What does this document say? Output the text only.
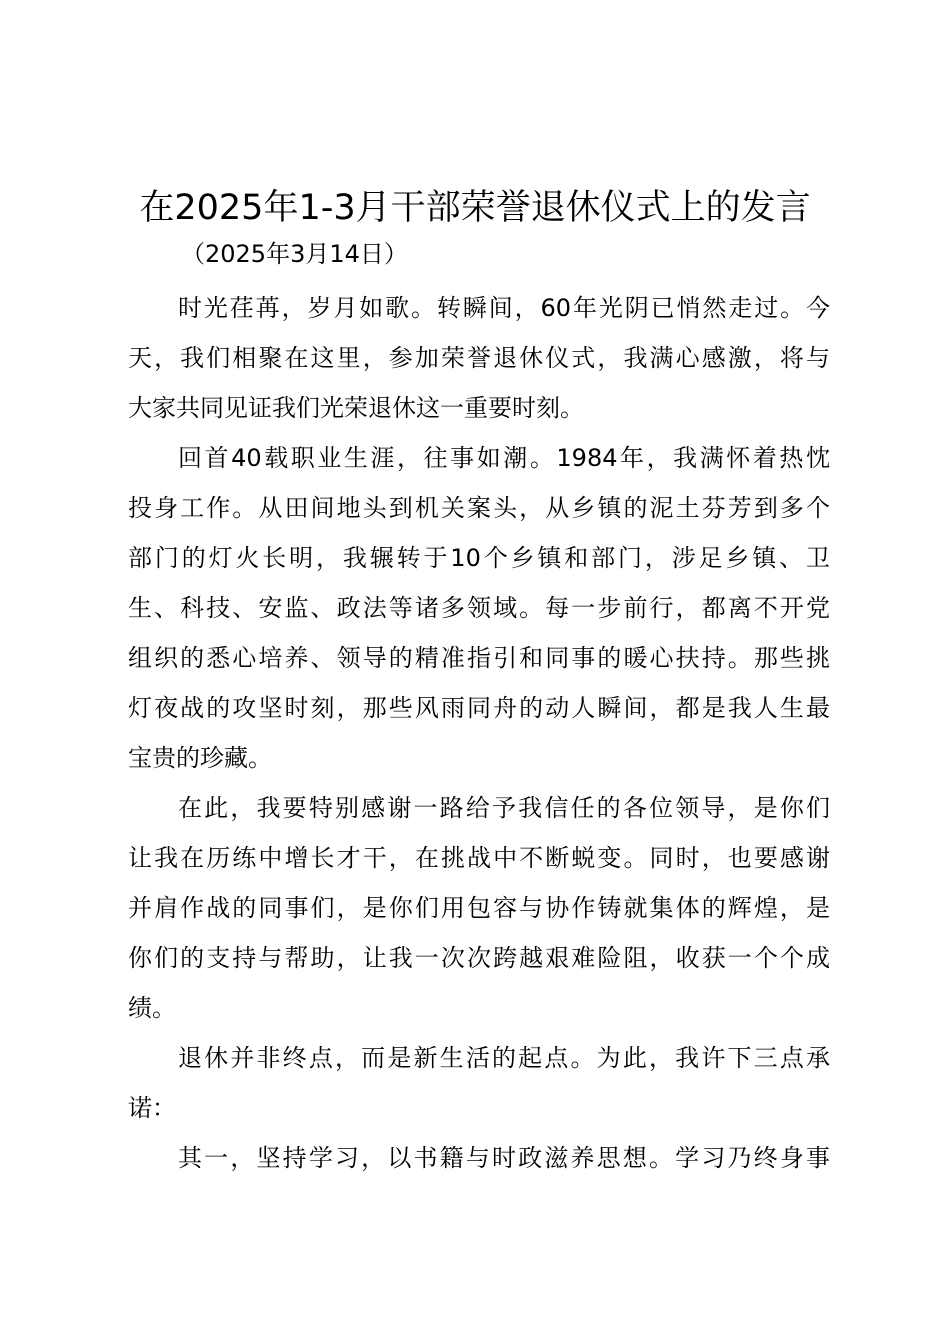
在2025年1-3月干部荣誉退休仪式上的发言
（2025年3月14日）
时光荏苒，岁月如歌。转瞬间，60年光阴已悄然走过。今
天，我们相聚在这里，参加荣誉退休仪式，我满心感激，将与
大家共同见证我们光荣退休这一重要时刻。
回首40载职业生涯，往事如潮。1984年，我满怀着热忱
投身工作。从田间地头到机关案头，从乡镇的泥土芬芳到多个
部门的灯火长明，我辗转于10个乡镇和部门，涉足乡镇、卫
生、科技、安监、政法等诸多领域。每一步前行，都离不开党
组织的悉心培养、领导的精准指引和同事的暖心扶持。那些挑
灯夜战的攻坚时刻，那些风雨同舟的动人瞬间，都是我人生最
宝贵的珍藏。
在此，我要特别感谢一路给予我信任的各位领导，是你们
让我在历练中增长才干，在挑战中不断蜕变。同时，也要感谢
并肩作战的同事们，是你们用包容与协作铸就集体的辉煌，是
你们的支持与帮助，让我一次次跨越艰难险阻，收获一个个成
绩。
退休并非终点，而是新生活的起点。为此，我许下三点承
诺：
其一，坚持学习，以书籍与时政滋养思想。学习乃终身事
